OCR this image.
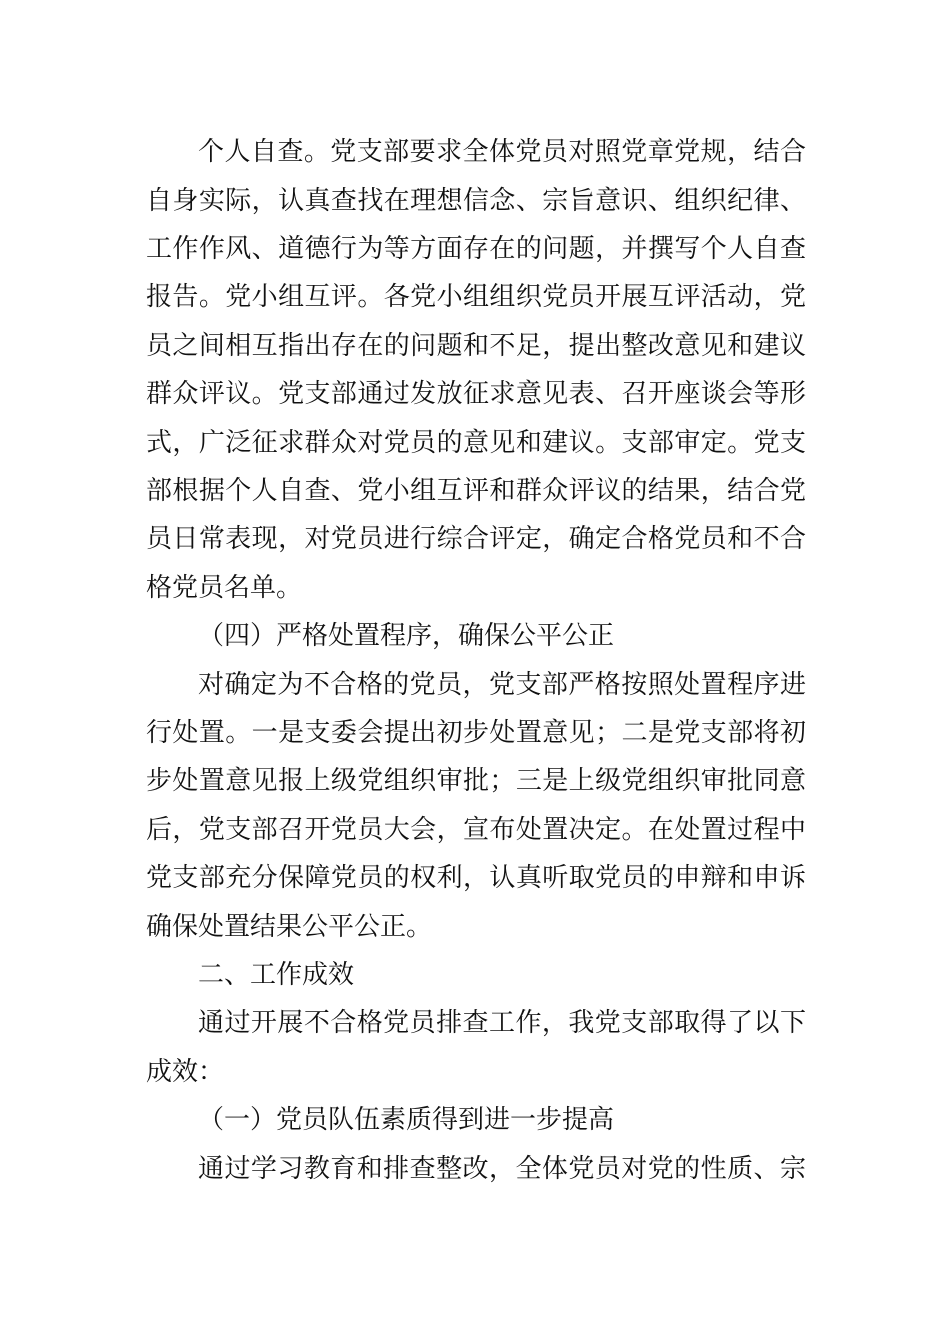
个人自查。党支部要求全体党员对照党章党规，结合
自身实际，认真查找在理想信念、宗旨意识、组织纪律、
工作作风、道德行为等方面存在的问题，并撰写个人自查
报告。党小组互评。各党小组组织党员开展互评活动，党
员之间相互指出存在的问题和不足，提出整改意见和建议
群众评议。党支部通过发放征求意见表、召开座谈会等形
式，广泛征求群众对党员的意见和建议。支部审定。党支
部根据个人自查、党小组互评和群众评议的结果，结合党
员日常表现，对党员进行综合评定，确定合格党员和不合
格党员名单。
（四）严格处置程序，确保公平公正
对确定为不合格的党员，党支部严格按照处置程序进
行处置。一是支委会提出初步处置意见；二是党支部将初
步处置意见报上级党组织审批；三是上级党组织审批同意
后，党支部召开党员大会，宣布处置决定。在处置过程中
党支部充分保障党员的权利，认真听取党员的申辩和申诉
确保处置结果公平公正。
二、工作成效
通过开展不合格党员排查工作，我党支部取得了以下
成效：
（一）党员队伍素质得到进一步提高
通过学习教育和排查整改，全体党员对党的性质、宗
